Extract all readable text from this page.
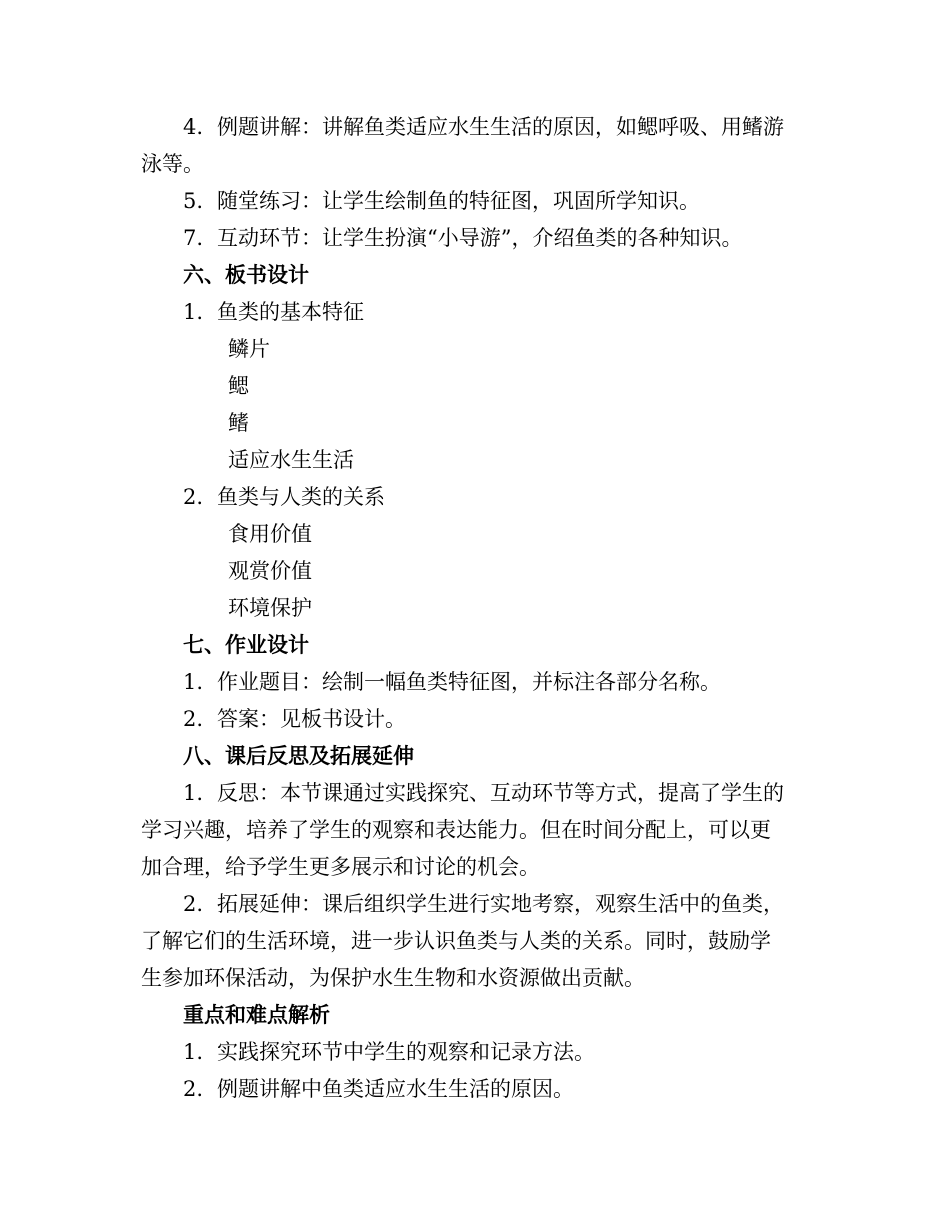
4. 例题讲解：讲解鱼类适应水生生活的原因，如鳃呼吸、用鳍游
泳等。
5. 随堂练习：让学生绘制鱼的特征图，巩固所学知识。
7. 互动环节：让学生扮演“小导游”，介绍鱼类的各种知识。
六、板书设计
1. 鱼类的基本特征
鳞片
鳃
鳍
适应水生生活
2. 鱼类与人类的关系
食用价值
观赏价值
环境保护
七、作业设计
1. 作业题目：绘制一幅鱼类特征图，并标注各部分名称。
2. 答案：见板书设计。
八、课后反思及拓展延伸
1. 反思：本节课通过实践探究、互动环节等方式，提高了学生的
学习兴趣，培养了学生的观察和表达能力。但在时间分配上，可以更
加合理，给予学生更多展示和讨论的机会。
2. 拓展延伸：课后组织学生进行实地考察，观察生活中的鱼类，
了解它们的生活环境，进一步认识鱼类与人类的关系。同时，鼓励学
生参加环保活动，为保护水生生物和水资源做出贡献。
重点和难点解析
1. 实践探究环节中学生的观察和记录方法。
2. 例题讲解中鱼类适应水生生活的原因。
